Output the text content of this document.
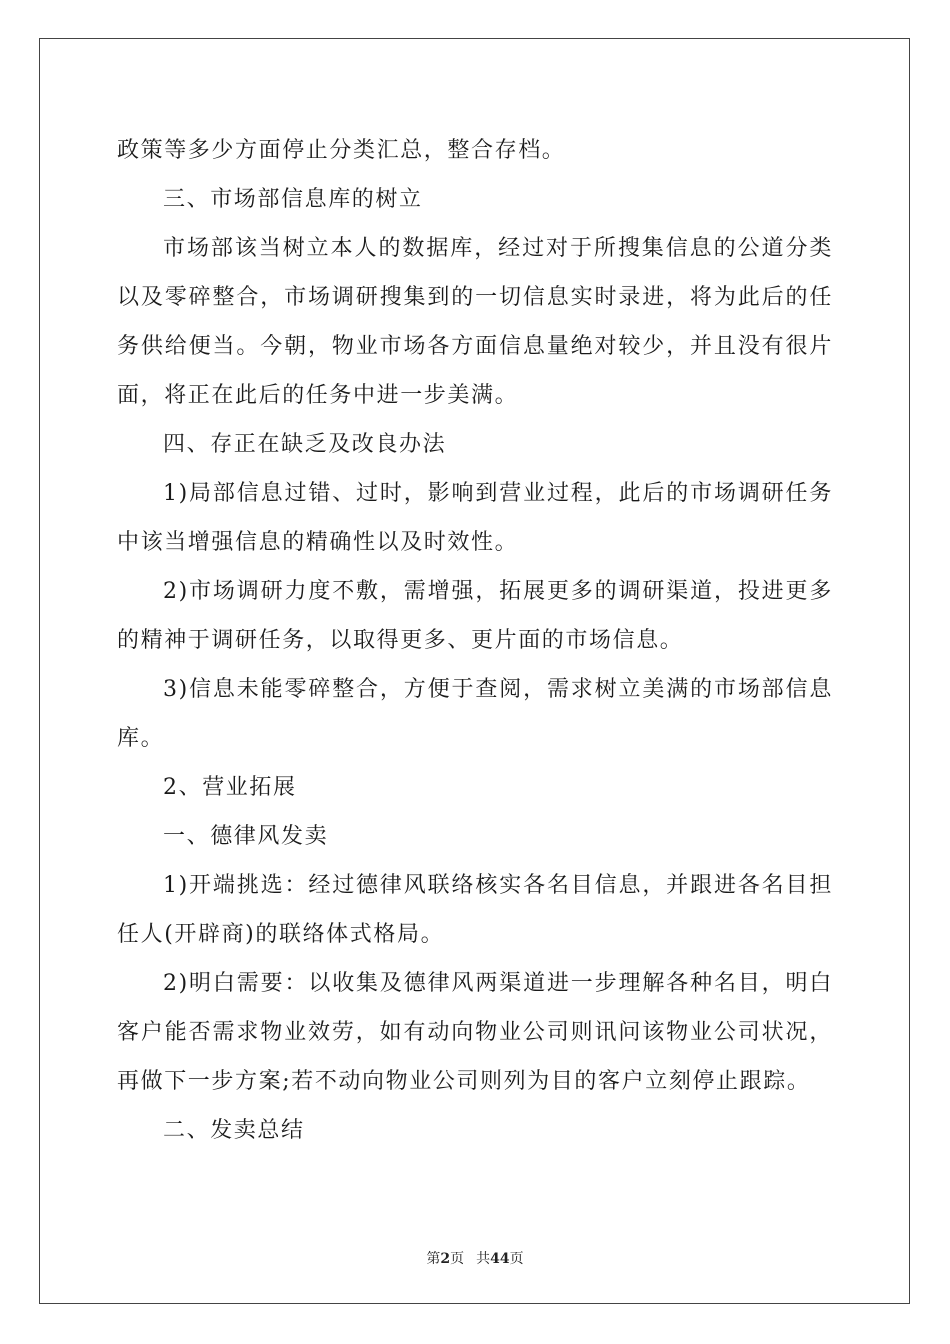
政策等多少方面停止分类汇总，整合存档。

三、市场部信息库的树立

市场部该当树立本人的数据库，经过对于所搜集信息的公道分类以及零碎整合，市场调研搜集到的一切信息实时录进，将为此后的任务供给便当。今朝，物业市场各方面信息量绝对较少，并且没有很片面，将正在此后的任务中进一步美满。

四、存正在缺乏及改良办法

1)局部信息过错、过时，影响到营业过程，此后的市场调研任务中该当增强信息的精确性以及时效性。

2)市场调研力度不敷，需增强，拓展更多的调研渠道，投进更多的精神于调研任务，以取得更多、更片面的市场信息。

3)信息未能零碎整合，方便于查阅，需求树立美满的市场部信息库。

2、营业拓展

一、德律风发卖

1)开端挑选：经过德律风联络核实各名目信息，并跟进各名目担任人(开辟商)的联络体式格局。

2)明白需要：以收集及德律风两渠道进一步理解各种名目，明白客户能否需求物业效劳，如有动向物业公司则讯问该物业公司状况，再做下一步方案;若不动向物业公司则列为目的客户立刻停止跟踪。

二、发卖总结

第2页 共44页
